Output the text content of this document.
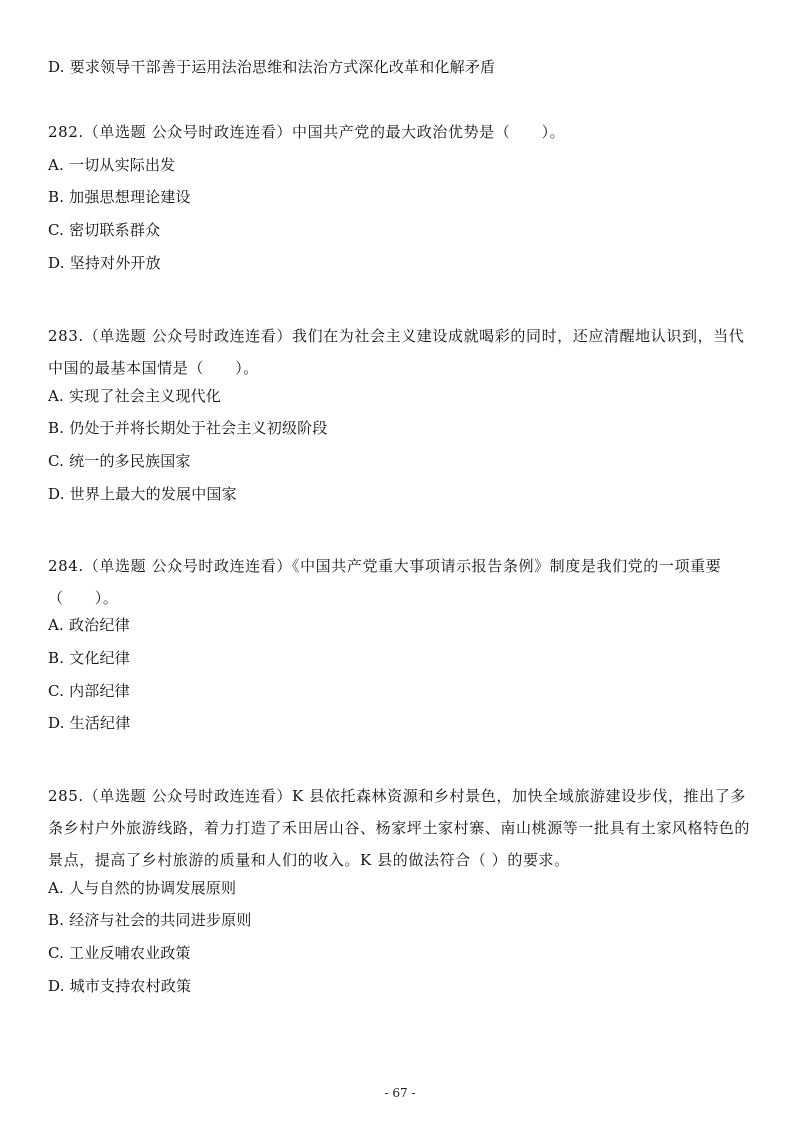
D. 要求领导干部善于运用法治思维和法治方式深化改革和化解矛盾
282.（单选题 公众号时政连连看）中国共产党的最大政治优势是（　　）。
A. 一切从实际出发
B. 加强思想理论建设
C. 密切联系群众
D. 坚持对外开放
283.（单选题 公众号时政连连看）我们在为社会主义建设成就喝彩的同时，还应清醒地认识到，当代中国的最基本国情是（　　）。
A. 实现了社会主义现代化
B. 仍处于并将长期处于社会主义初级阶段
C. 统一的多民族国家
D. 世界上最大的发展中国家
284.（单选题 公众号时政连连看）《中国共产党重大事项请示报告条例》制度是我们党的一项重要（　　）。
A. 政治纪律
B. 文化纪律
C. 内部纪律
D. 生活纪律
285.（单选题 公众号时政连连看）K 县依托森林资源和乡村景色，加快全域旅游建设步伐，推出了多条乡村户外旅游线路，着力打造了禾田居山谷、杨家坪土家村寨、南山桃源等一批具有土家风格特色的景点，提高了乡村旅游的质量和人们的收入。K 县的做法符合（ ）的要求。
A. 人与自然的协调发展原则
B. 经济与社会的共同进步原则
C. 工业反哺农业政策
D. 城市支持农村政策
- 67 -
